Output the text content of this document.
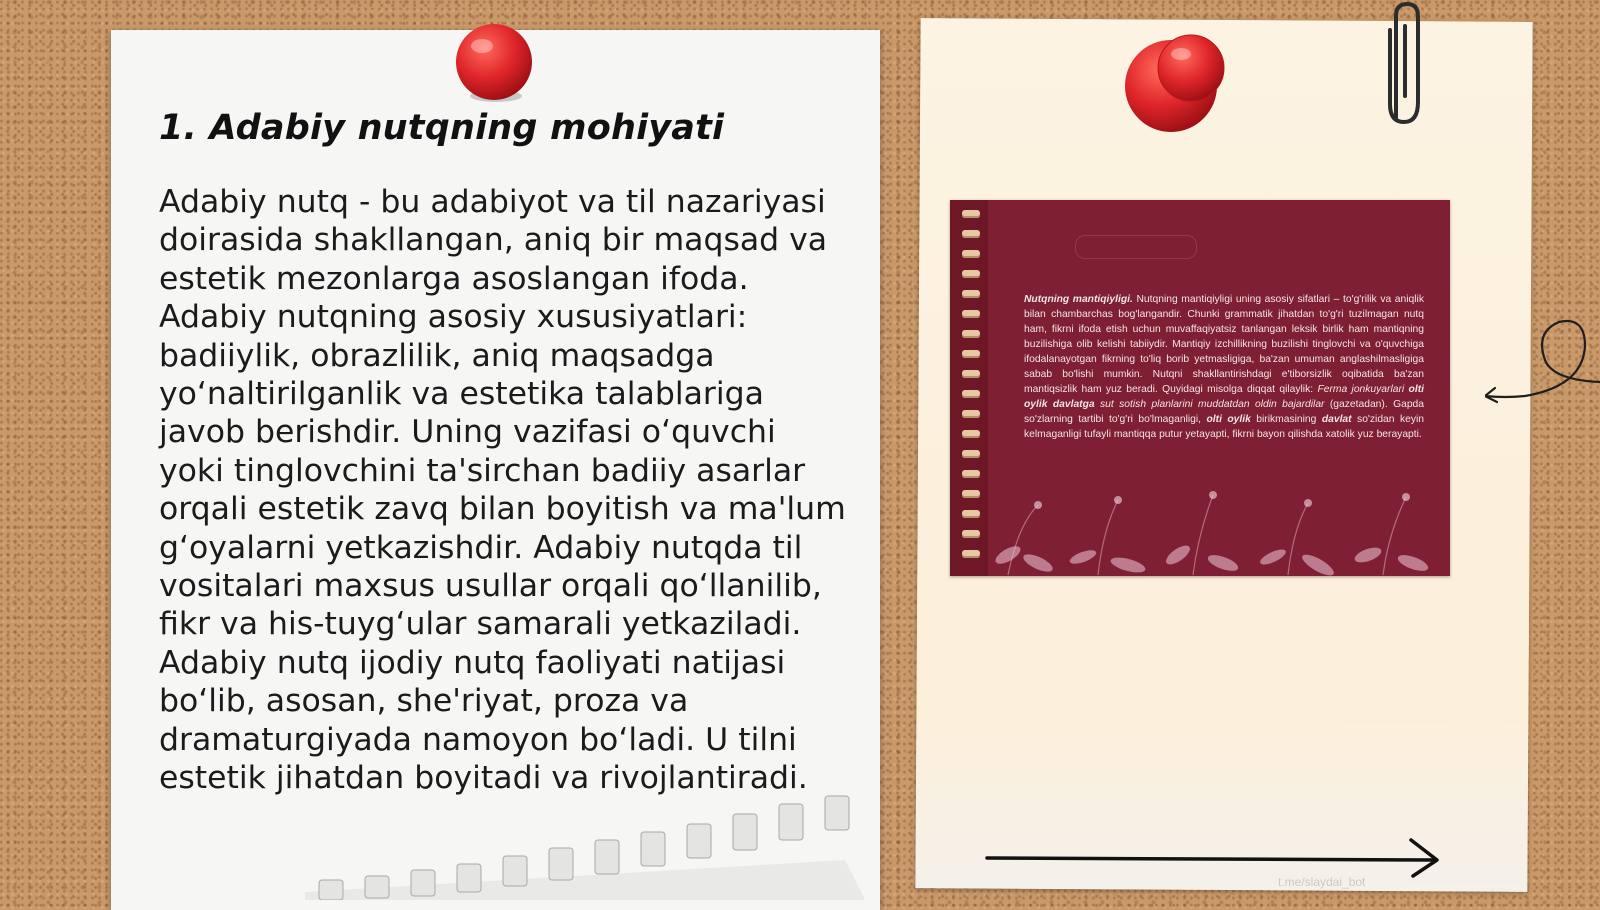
1. Adabiy nutqning mohiyati

Adabiy nutq - bu adabiyot va til nazariyasi doirasida shakllangan, aniq bir maqsad va estetik mezonlarga asoslangan ifoda. Adabiy nutqning asosiy xususiyatlari: badiiylik, obrazlilik, aniq maqsadga yoʻnaltirilganlik va estetika talablariga javob berishdir. Uning vazifasi oʻquvchi yoki tinglovchini ta'sirchan badiiy asarlar orqali estetik zavq bilan boyitish va ma'lum gʻoyalarni yetkazishdir. Adabiy nutqda til vositalari maxsus usullar orqali qoʻllanilib, fikr va his-tuygʻular samarali yetkaziladi. Adabiy nutq ijodiy nutq faoliyati natijasi boʻlib, asosan, she'riyat, proza va dramaturgiyada namoyon boʻladi. U tilni estetik jihatdan boyitadi va rivojlantiradi.

Nutqning mantiqiyligi. Nutqning mantiqiyligi uning asosiy sifatlari – to'g'rilik va aniqlik bilan chambarchas bog'langandir. Chunki grammatik jihatdan to'g'ri tuzilmagan nutq ham, fikrni ifoda etish uchun muvaffaqiyatsiz tanlangan leksik birlik ham mantiqning buzilishiga olib kelishi tabiiydir. Mantiqiy izchillikning buzilishi tinglovchi va o'quvchiga ifodalanayotgan fikrning to'liq borib yetmasligiga, ba'zan umuman anglashilmasligiga sabab bo'lishi mumkin. Nutqni shakllantirishdagi e'tiborsizlik oqibatida ba'zan mantiqsizlik ham yuz beradi. Quyidagi misolga diqqat qilaylik: Ferma jonkuyarlari olti oylik davlatga sut sotish planlarini muddatdan oldin bajardilar (gazetadan). Gapda so'zlarning tartibi to'g'ri bo'lmaganligi, olti oylik birikmasining davlat so'zidan keyin kelmaganligi tufayli mantiqqa putur yetayapti, fikrni bayon qilishda xatolik yuz berayapti.

t.me/slaydai_bot
